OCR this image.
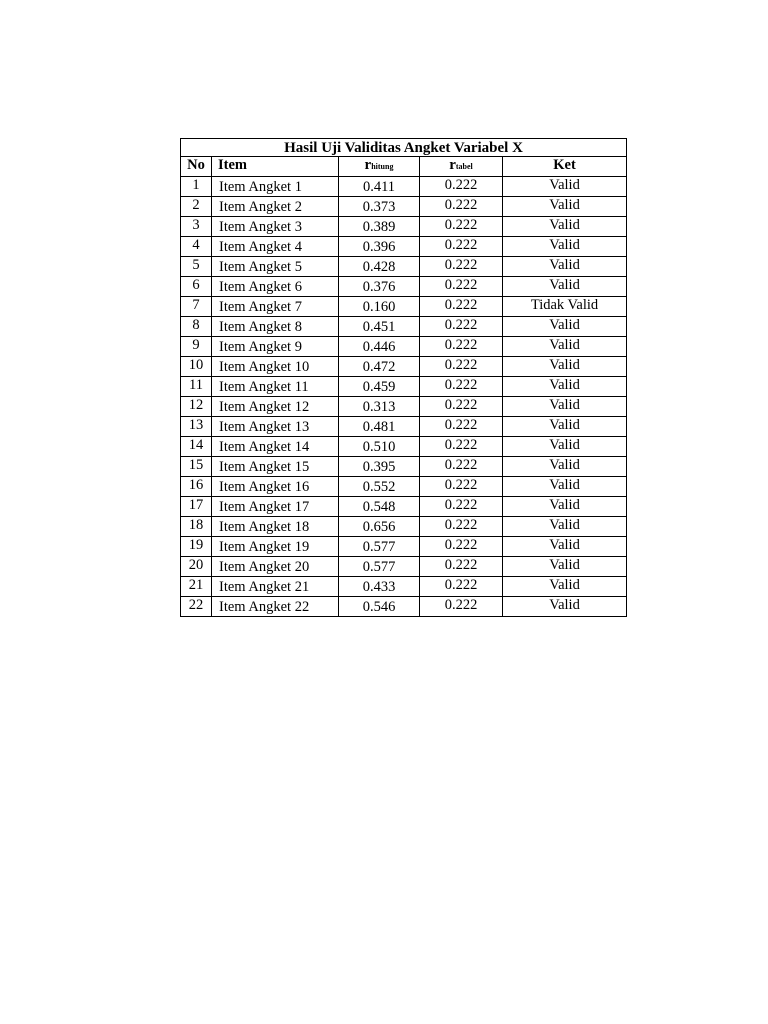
Hasil Uji Validitas Angket Variabel X				
No	Item	rhitung	rtabel	Ket

1	Item Angket 1	0.411	0.222	Valid

2	Item Angket 2	0.373	0.222	Valid

3	Item Angket 3	0.389	0.222	Valid

4	Item Angket 4	0.396	0.222	Valid

5	Item Angket 5	0.428	0.222	Valid

6	Item Angket 6	0.376	0.222	Valid

7	Item Angket 7	0.160	0.222	Tidak Valid

8	Item Angket 8	0.451	0.222	Valid

9	Item Angket 9	0.446	0.222	Valid

10	Item Angket 10	0.472	0.222	Valid

11	Item Angket 11	0.459	0.222	Valid

12	Item Angket 12	0.313	0.222	Valid

13	Item Angket 13	0.481	0.222	Valid

14	Item Angket 14	0.510	0.222	Valid

15	Item Angket 15	0.395	0.222	Valid

16	Item Angket 16	0.552	0.222	Valid

17	Item Angket 17	0.548	0.222	Valid

18	Item Angket 18	0.656	0.222	Valid

19	Item Angket 19	0.577	0.222	Valid

20	Item Angket 20	0.577	0.222	Valid

21	Item Angket 21	0.433	0.222	Valid

22	Item Angket 22	0.546	0.222	Valid
